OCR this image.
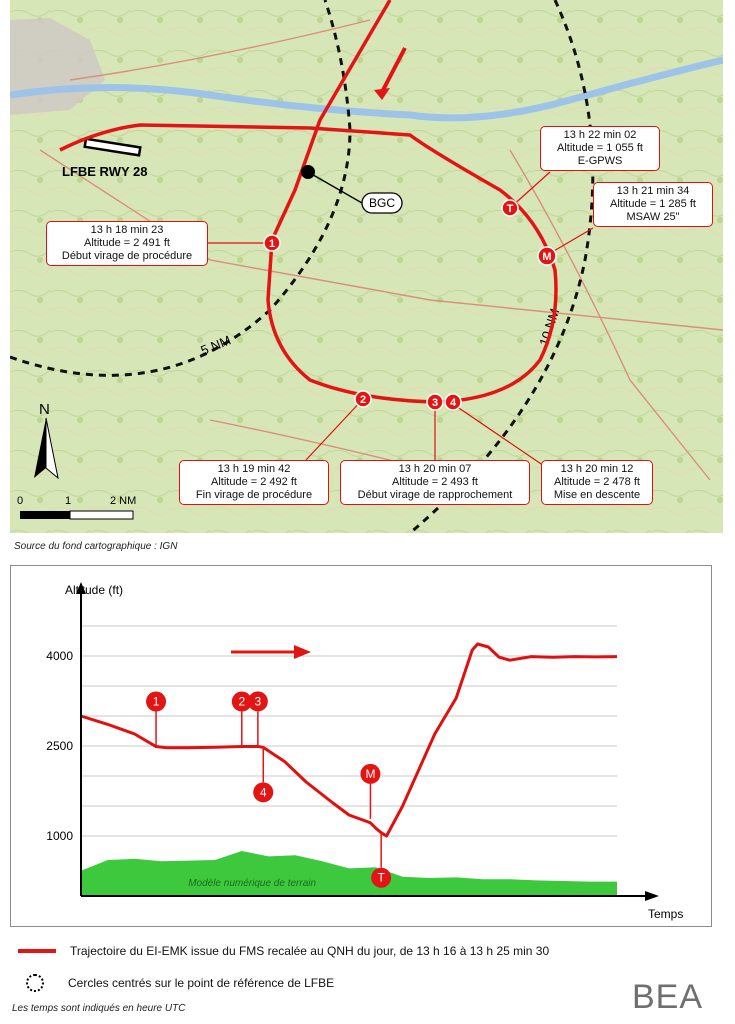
5 NM	10 NM
LFBE RWY 28
BGC
1
2	3 4
M
T
N
0	1	2 NM
13 h 18 min 23
Altitude = 2 491 ft
Début virage de procédure
13 h 19 min 42
Altitude = 2 492 ft
Fin virage de procédure
13 h 20 min 07
Altitude = 2 493 ft
Début virage de rapprochement
13 h 20 min 12
Altitude = 2 478 ft
Mise en descente
13 h 21 min 34
Altitude = 1 285 ft
MSAW 25"
13 h 22 min 02
Altitude = 1 055 ft
E-GPWS
Source du fond cartographique : IGN
Modèle numérique de terrain
1000
2500
4000
1	2 3
4
M
T
Altitude (ft)
Temps
Trajectoire du EI-EMK issue du FMS recalée au QNH du jour, de 13 h 16 à 13 h 25 min 30
Cercles centrés sur le point de référence de LFBE
Les temps sont indiqués en heure UTC	BEA
